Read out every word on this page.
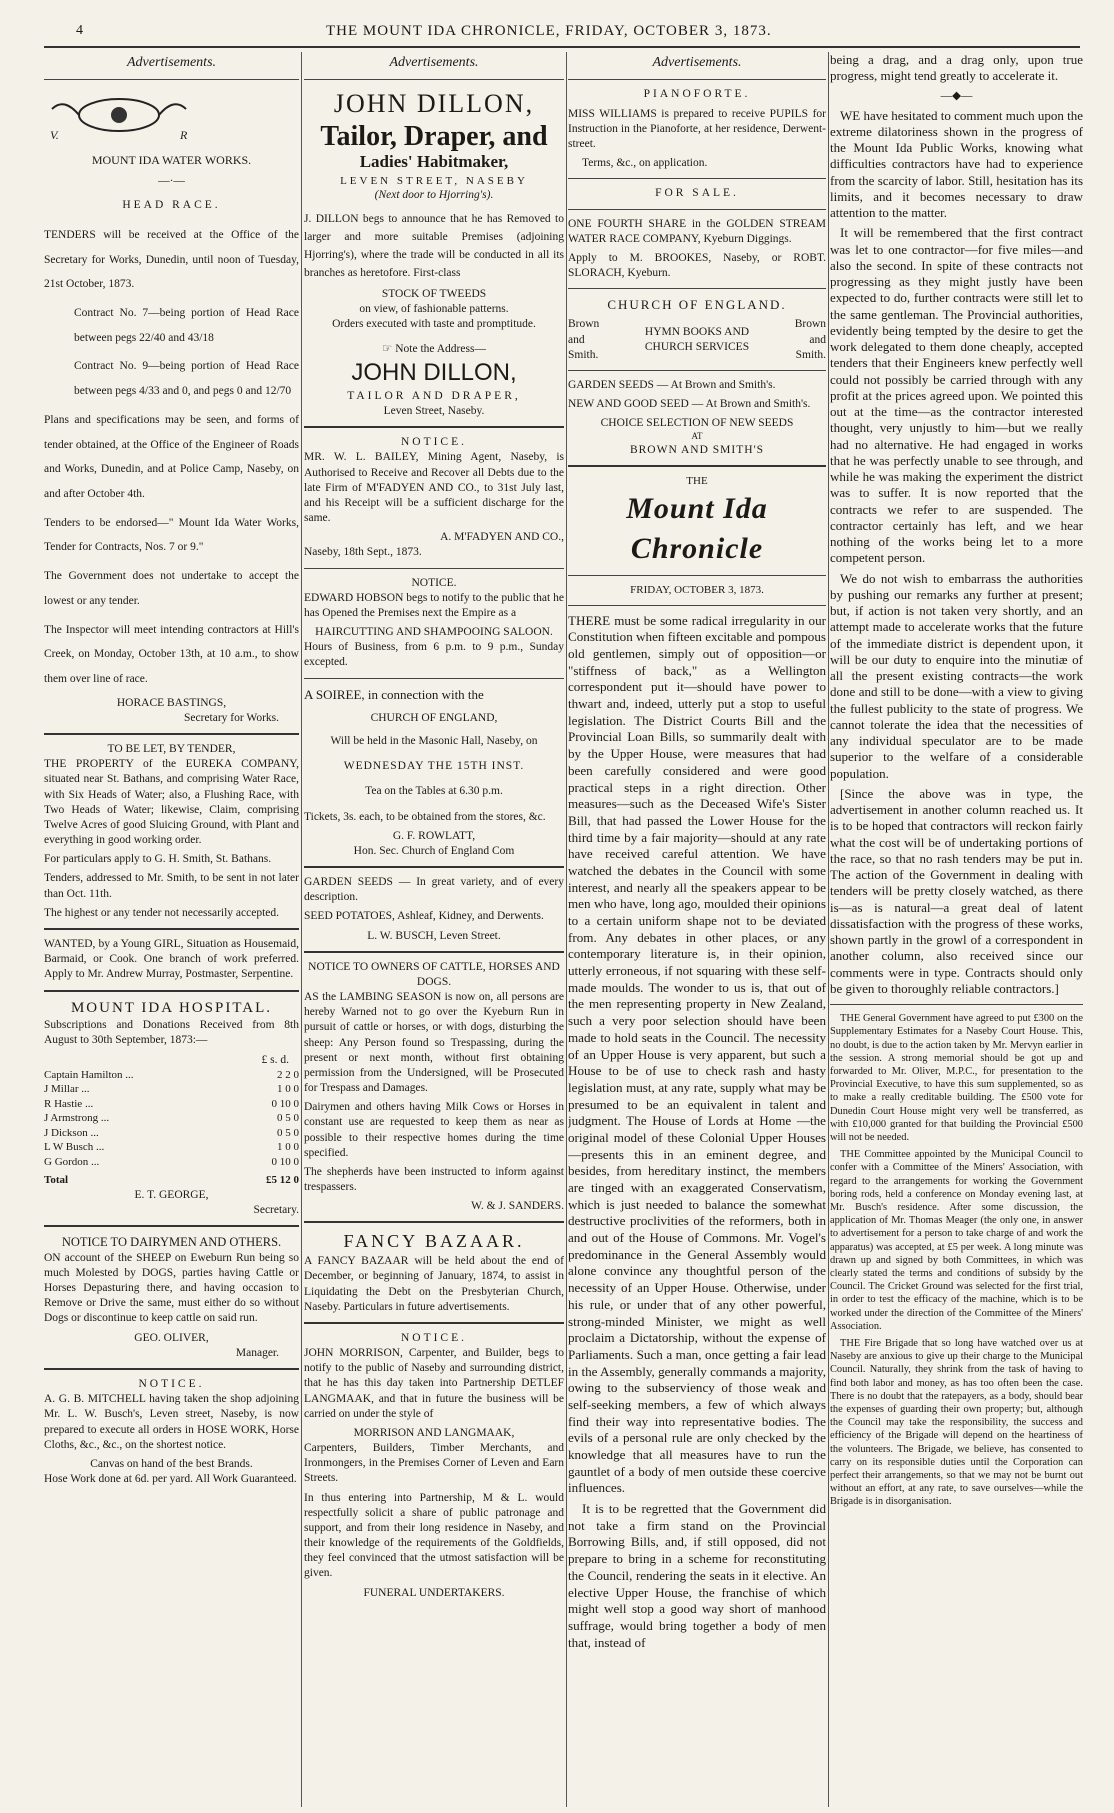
4	THE MOUNT IDA CHRONICLE, FRIDAY, OCTOBER 3, 1873.
Advertisements.
V.	R
MOUNT IDA WATER WORKS.
—·—
HEAD RACE.

TENDERS will be received at the Office of the Secretary for Works, Dunedin, until noon of Tuesday, 21st October, 1873.

Contract No. 7—being portion of Head Race between pegs 22/40 and 43/18

Contract No. 9—being portion of Head Race between pegs 4/33 and 0, and pegs 0 and 12/70

Plans and specifications may be seen, and forms of tender obtained, at the Office of the Engineer of Roads and Works, Dunedin, and at Police Camp, Naseby, on and after October 4th.

Tenders to be endorsed—" Mount Ida Water Works, Tender for Contracts, Nos. 7 or 9."

The Government does not undertake to accept the lowest or any tender.

The Inspector will meet intending contractors at Hill's Creek, on Monday, October 13th, at 10 a.m., to show them over line of race.

HORACE BASTINGS,
Secretary for Works.
TO BE LET, BY TENDER,

THE PROPERTY of the EUREKA COMPANY, situated near St. Bathans, and comprising Water Race, with Six Heads of Water; also, a Flushing Race, with Two Heads of Water; likewise, Claim, comprising Twelve Acres of good Sluicing Ground, with Plant and everything in good working order.

For particulars apply to G. H. Smith, St. Bathans.

Tenders, addressed to Mr. Smith, to be sent in not later than Oct. 11th.

The highest or any tender not necessarily accepted.

WANTED, by a Young GIRL, Situation as Housemaid, Barmaid, or Cook. One branch of work preferred. Apply to Mr. Andrew Murray, Postmaster, Serpentine.

MOUNT IDA HOSPITAL.

Subscriptions and Donations Received from 8th August to 30th September, 1873:—

£ s. d.
Captain Hamilton ...	2 2 0
J Millar ...	1 0 0
R Hastie ...	0 10 0
J Armstrong ...	0 5 0
J Dickson ...	0 5 0
L W Busch ...	1 0 0
G Gordon ...	0 10 0
Total	£5 12 0
E. T. GEORGE,
Secretary.
NOTICE TO DAIRYMEN AND OTHERS.

ON account of the SHEEP on Eweburn Run being so much Molested by DOGS, parties having Cattle or Horses Depasturing there, and having occasion to Remove or Drive the same, must either do so without Dogs or discontinue to keep cattle on said run.

GEO. OLIVER,
Manager.
NOTICE.

A. G. B. MITCHELL having taken the shop adjoining Mr. L. W. Busch's, Leven street, Naseby, is now prepared to execute all orders in HOSE WORK, Horse Cloths, &c., &c., on the shortest notice.

Canvas on hand of the best Brands.

Hose Work done at 6d. per yard. All Work Guaranteed.

Advertisements.
JOHN DILLON,
Tailor, Draper, and
Ladies' Habitmaker,
LEVEN STREET, NASEBY
(Next door to Hjorring's).

J. DILLON begs to announce that he has Removed to larger and more suitable Premises (adjoining Hjorring's), where the trade will be conducted in all its branches as heretofore. First-class

STOCK OF TWEEDS
on view, of fashionable patterns.
Orders executed with taste and promptitude.
☞ Note the Address—
JOHN DILLON,
TAILOR AND DRAPER,
Leven Street, Naseby.
NOTICE.

MR. W. L. BAILEY, Mining Agent, Naseby, is Authorised to Receive and Recover all Debts due to the late Firm of M'FADYEN AND CO., to 31st July last, and his Receipt will be a sufficient discharge for the same.

A. M'FADYEN AND CO.,
Naseby, 18th Sept., 1873.
NOTICE.

EDWARD HOBSON begs to notify to the public that he has Opened the Premises next the Empire as a

HAIRCUTTING AND SHAMPOOING SALOON.

Hours of Business, from 6 p.m. to 9 p.m., Sunday excepted.

A SOIREE, in connection with the

CHURCH OF ENGLAND,
Will be held in the Masonic Hall, Naseby, on
WEDNESDAY THE 15TH INST.
Tea on the Tables at 6.30 p.m.

Tickets, 3s. each, to be obtained from the stores, &c.

G. F. ROWLATT,
Hon. Sec. Church of England Com

GARDEN SEEDS — In great variety, and of every description.

SEED POTATOES, Ashleaf, Kidney, and Derwents.

L. W. BUSCH, Leven Street.
NOTICE TO OWNERS OF CATTLE, HORSES AND DOGS.

AS the LAMBING SEASON is now on, all persons are hereby Warned not to go over the Kyeburn Run in pursuit of cattle or horses, or with dogs, disturbing the sheep: Any Person found so Trespassing, during the present or next month, without first obtaining permission from the Undersigned, will be Prosecuted for Trespass and Damages.

Dairymen and others having Milk Cows or Horses in constant use are requested to keep them as near as possible to their respective homes during the time specified.

The shepherds have been instructed to inform against trespassers.

W. & J. SANDERS.
FANCY BAZAAR.

A FANCY BAZAAR will be held about the end of December, or beginning of January, 1874, to assist in Liquidating the Debt on the Presbyterian Church, Naseby. Particulars in future advertisements.

NOTICE.

JOHN MORRISON, Carpenter, and Builder, begs to notify to the public of Naseby and surrounding district, that he has this day taken into Partnership DETLEF LANGMAAK, and that in future the business will be carried on under the style of

MORRISON AND LANGMAAK,

Carpenters, Builders, Timber Merchants, and Ironmongers, in the Premises Corner of Leven and Earn Streets.

In thus entering into Partnership, M & L. would respectfully solicit a share of public patronage and support, and from their long residence in Naseby, and their knowledge of the requirements of the Goldfields, they feel convinced that the utmost satisfaction will be given.

FUNERAL UNDERTAKERS.
Advertisements.
PIANOFORTE.

MISS WILLIAMS is prepared to receive PUPILS for Instruction in the Pianoforte, at her residence, Derwent-street.

Terms, &c., on application.
FOR SALE.

ONE FOURTH SHARE in the GOLDEN STREAM WATER RACE COMPANY, Kyeburn Diggings.

Apply to M. BROOKES, Naseby, or ROBT. SLORACH, Kyeburn.

CHURCH OF ENGLAND.
Brown and Smith.
HYMN BOOKS AND CHURCH SERVICES
Brown and Smith.

GARDEN SEEDS — At Brown and Smith's.

NEW AND GOOD SEED — At Brown and Smith's.

CHOICE SELECTION OF NEW SEEDS
AT
BROWN AND SMITH'S
THE
Mount Ida Chronicle
FRIDAY, OCTOBER 3, 1873.

THERE must be some radical irregularity in our Constitution when fifteen excitable and pompous old gentlemen, simply out of opposition—or "stiffness of back," as a Wellington correspondent put it—should have power to thwart and, indeed, utterly put a stop to useful legislation. The District Courts Bill and the Provincial Loan Bills, so summarily dealt with by the Upper House, were measures that had been carefully considered and were good practical steps in a right direction. Other measures—such as the Deceased Wife's Sister Bill, that had passed the Lower House for the third time by a fair majority—should at any rate have received careful attention. We have watched the debates in the Council with some interest, and nearly all the speakers appear to be men who have, long ago, moulded their opinions to a certain uniform shape not to be deviated from. Any debates in other places, or any contemporary literature is, in their opinion, utterly erroneous, if not squaring with these self-made moulds. The wonder to us is, that out of the men representing property in New Zealand, such a very poor selection should have been made to hold seats in the Council. The necessity of an Upper House is very apparent, but such a House to be of use to check rash and hasty legislation must, at any rate, supply what may be presumed to be an equivalent in talent and judgment. The House of Lords at Home —the original model of these Colonial Upper Houses—presents this in an eminent degree, and besides, from hereditary instinct, the members are tinged with an exaggerated Conservatism, which is just needed to balance the somewhat destructive proclivities of the reformers, both in and out of the House of Commons. Mr. Vogel's predominance in the General Assembly would alone convince any thoughtful person of the necessity of an Upper House. Otherwise, under his rule, or under that of any other powerful, strong-minded Minister, we might as well proclaim a Dictatorship, without the expense of Parliaments. Such a man, once getting a fair lead in the Assembly, generally commands a majority, owing to the subserviency of those weak and self-seeking members, a few of which always find their way into representative bodies. The evils of a personal rule are only checked by the knowledge that all measures have to run the gauntlet of a body of men outside these coercive influences.

It is to be regretted that the Government did not take a firm stand on the Provincial Borrowing Bills, and, if still opposed, did not prepare to bring in a scheme for reconstituting the Council, rendering the seats in it elective. An elective Upper House, the franchise of which might well stop a good way short of manhood suffrage, would bring together a body of men that, instead of

being a drag, and a drag only, upon true progress, might tend greatly to accelerate it.

—◆—

WE have hesitated to comment much upon the extreme dilatoriness shown in the progress of the Mount Ida Public Works, knowing what difficulties contractors have had to experience from the scarcity of labor. Still, hesitation has its limits, and it becomes necessary to draw attention to the matter.

It will be remembered that the first contract was let to one contractor—for five miles—and also the second. In spite of these contracts not progressing as they might justly have been expected to do, further contracts were still let to the same gentleman. The Provincial authorities, evidently being tempted by the desire to get the work delegated to them done cheaply, accepted tenders that their Engineers knew perfectly well could not possibly be carried through with any profit at the prices agreed upon. We pointed this out at the time—as the contractor interested thought, very unjustly to him—but we really had no alternative. He had engaged in works that he was perfectly unable to see through, and while he was making the experiment the district was to suffer. It is now reported that the contracts we refer to are suspended. The contractor certainly has left, and we hear nothing of the works being let to a more competent person.

We do not wish to embarrass the authorities by pushing our remarks any further at present; but, if action is not taken very shortly, and an attempt made to accelerate works that the future of the immediate district is dependent upon, it will be our duty to enquire into the minutiæ of all the present existing contracts—the work done and still to be done—with a view to giving the fullest publicity to the state of progress. We cannot tolerate the idea that the necessities of any individual speculator are to be made superior to the welfare of a considerable population.

[Since the above was in type, the advertisement in another column reached us. It is to be hoped that contractors will reckon fairly what the cost will be of undertaking portions of the race, so that no rash tenders may be put in. The action of the Government in dealing with tenders will be pretty closely watched, as there is—as is natural—a great deal of latent dissatisfaction with the progress of these works, shown partly in the growl of a correspondent in another column, also received since our comments were in type. Contracts should only be given to thoroughly reliable contractors.]

THE General Government have agreed to put £300 on the Supplementary Estimates for a Naseby Court House. This, no doubt, is due to the action taken by Mr. Mervyn earlier in the session. A strong memorial should be got up and forwarded to Mr. Oliver, M.P.C., for presentation to the Provincial Executive, to have this sum supplemented, so as to make a really creditable building. The £500 vote for Dunedin Court House might very well be transferred, as with £10,000 granted for that building the Provincial £500 will not be needed.

THE Committee appointed by the Municipal Council to confer with a Committee of the Miners' Association, with regard to the arrangements for working the Government boring rods, held a conference on Monday evening last, at Mr. Busch's residence. After some discussion, the application of Mr. Thomas Meager (the only one, in answer to advertisement for a person to take charge of and work the apparatus) was accepted, at £5 per week. A long minute was drawn up and signed by both Committees, in which was clearly stated the terms and conditions of subsidy by the Council. The Cricket Ground was selected for the first trial, in order to test the efficacy of the machine, which is to be worked under the direction of the Committee of the Miners' Association.

THE Fire Brigade that so long have watched over us at Naseby are anxious to give up their charge to the Municipal Council. Naturally, they shrink from the task of having to find both labor and money, as has too often been the case. There is no doubt that the ratepayers, as a body, should bear the expenses of guarding their own property; but, although the Council may take the responsibility, the success and efficiency of the Brigade will depend on the heartiness of the volunteers. The Brigade, we believe, has consented to carry on its responsible duties until the Corporation can perfect their arrangements, so that we may not be burnt out without an effort, at any rate, to save ourselves—while the Brigade is in disorganisation.
